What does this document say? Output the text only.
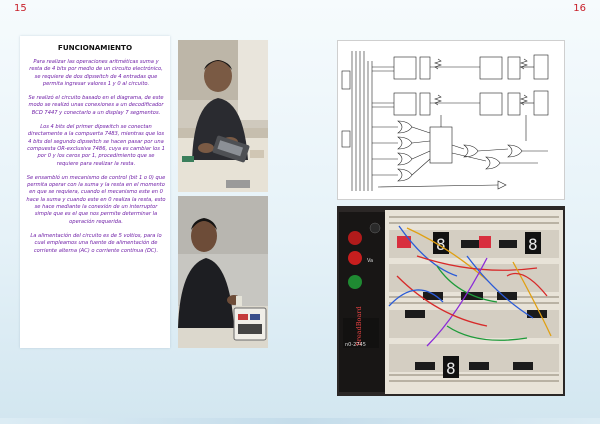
15	16
FUNCIONAMIENTO

Para realizar las operaciones aritméticas suma y resta de 4 bits por medio de un circuito electrónico, se requiere de dos dipswitch de 4 entradas que permita ingresar valores 1 y 0 al circuito.

Se realizó el circuito basado en el diagrama, de este modo se realizó unas conexiones a un decodificador BCD 7447 y conectarlo a un display 7 segmentos.

Los 4 bits del primer dipswitch se conectan directamente a la compuerta 7483, mientras que los 4 bits del segundo dipswitch se hacen pasar por una compuesta OR-exclusiva 7486, cuya es cambiar los 1 por 0 y los ceros por 1, procedimiento que se requiere para realizar la resta.

Se ensambló un mecanismo de control (bit 1 o 0) que permita operar con la suma y la resta en el momento en que se requiera, cuando el mecanismo este en 0 hace la suma y cuando este en 0 realiza la resta, esto se hace mediante la conexión de un interruptor simple que es el que nos permite determinar la operación requerida.

La alimentación del circuito es de 5 voltios, para lo cual empleamos una fuente de alimentación de corriente alterna (AC) o corriente continua (DC).

Va
BreadBoard
n0-2745
8	8
8
